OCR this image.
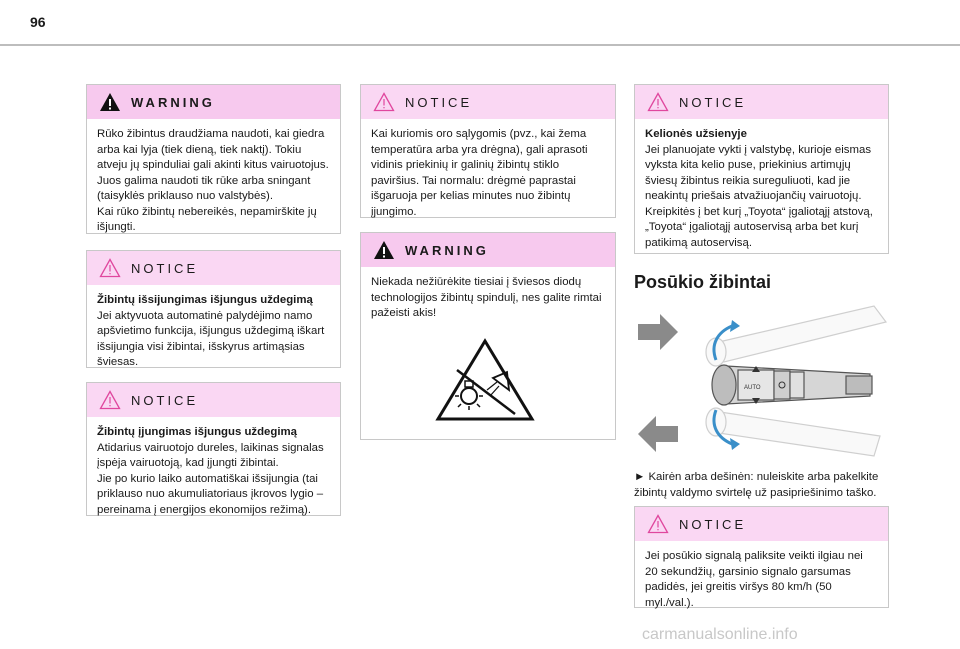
96
WARNING
Rūko žibintus draudžiama naudoti, kai giedra arba kai lyja (tiek dieną, tiek naktį). Tokiu atveju jų spinduliai gali akinti kitus vairuotojus. Juos galima naudoti tik rūke arba sningant (taisyklės priklauso nuo valstybės).
Kai rūko žibintų nebereikės, nepamirškite jų išjungti.
NOTICE
Žibintų išsijungimas išjungus uždegimą
Jei aktyvuota automatinė palydėjimo namo apšvietimo funkcija, išjungus uždegimą iškart išsijungia visi žibintai, išskyrus artimąsias šviesas.
NOTICE
Žibintų įjungimas išjungus uždegimą
Atidarius vairuotojo dureles, laikinas signalas įspėja vairuotoją, kad įjungti žibintai.
Jie po kurio laiko automatiškai išsijungia (tai priklauso nuo akumuliatoriaus įkrovos lygio – pereinama į energijos ekonomijos režimą).
NOTICE
Kai kuriomis oro sąlygomis (pvz., kai žema temperatūra arba yra drėgna), gali aprasoti vidinis priekinių ir galinių žibintų stiklo paviršius. Tai normalu: drėgmė paprastai išgaruoja per kelias minutes nuo žibintų įjungimo.
WARNING
Niekada nežiūrėkite tiesiai į šviesos diodų technologijos žibintų spindulį, nes galite rimtai pažeisti akis!
NOTICE
Kelionės užsienyje
Jei planuojate vykti į valstybę, kurioje eismas vyksta kita kelio puse, priekinius artimųjų šviesų žibintus reikia sureguliuoti, kad jie neakintų priešais atvažiuojančių vairuotojų. Kreipkitės į bet kurį „Toyota“ įgaliotąjį atstovą, „Toyota“ įgaliotąjį autoservisą arba bet kurį patikimą autoservisą.
Posūkio žibintai
AUTO
► Kairėn arba dešinėn: nuleiskite arba pakelkite žibintų valdymo svirtelę už pasipriešinimo taško.
NOTICE
Jei posūkio signalą paliksite veikti ilgiau nei 20 sekundžių, garsinio signalo garsumas padidės, jei greitis viršys 80 km/h (50 myl./val.).
carmanualsonline.info
